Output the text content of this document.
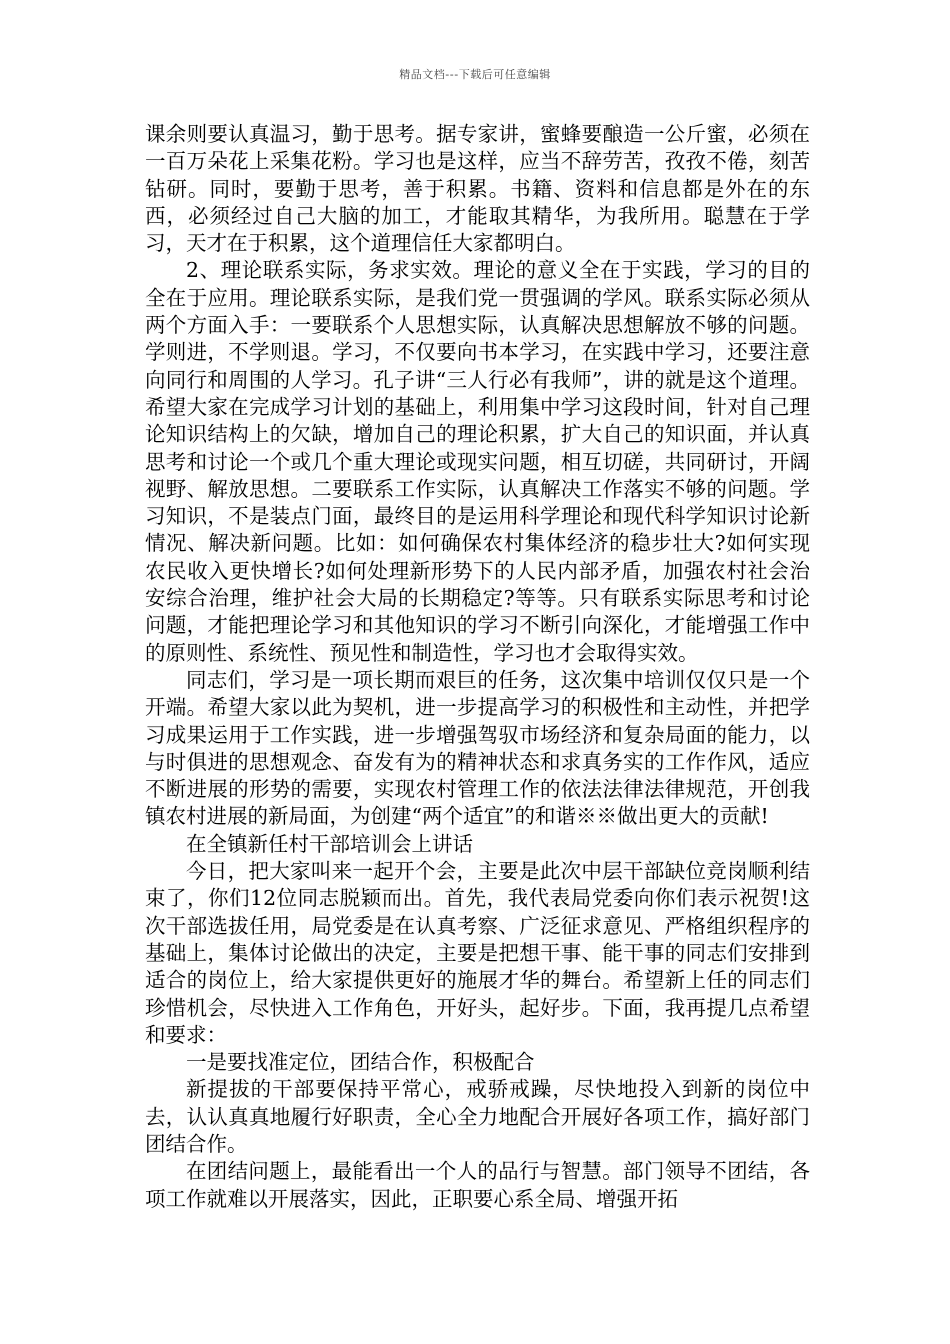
精品文档---下载后可任意编辑

课余则要认真温习，勤于思考。据专家讲，蜜蜂要酿造一公斤蜜，必须在一百万朵花上采集花粉。学习也是这样，应当不辞劳苦，孜孜不倦，刻苦钻研。同时，要勤于思考，善于积累。书籍、资料和信息都是外在的东西，必须经过自己大脑的加工，才能取其精华，为我所用。聪慧在于学习，天才在于积累，这个道理信任大家都明白。

2、理论联系实际，务求实效。理论的意义全在于实践，学习的目的全在于应用。理论联系实际，是我们党一贯强调的学风。联系实际必须从两个方面入手：一要联系个人思想实际，认真解决思想解放不够的问题。学则进，不学则退。学习，不仅要向书本学习，在实践中学习，还要注意向同行和周围的人学习。孔子讲“三人行必有我师”，讲的就是这个道理。希望大家在完成学习计划的基础上，利用集中学习这段时间，针对自己理论知识结构上的欠缺，增加自己的理论积累，扩大自己的知识面，并认真思考和讨论一个或几个重大理论或现实问题，相互切磋，共同研讨，开阔视野、解放思想。二要联系工作实际，认真解决工作落实不够的问题。学习知识，不是装点门面，最终目的是运用科学理论和现代科学知识讨论新情况、解决新问题。比如：如何确保农村集体经济的稳步壮大?如何实现农民收入更快增长?如何处理新形势下的人民内部矛盾，加强农村社会治安综合治理，维护社会大局的长期稳定?等等。只有联系实际思考和讨论问题，才能把理论学习和其他知识的学习不断引向深化，才能增强工作中的原则性、系统性、预见性和制造性，学习也才会取得实效。

同志们，学习是一项长期而艰巨的任务，这次集中培训仅仅只是一个开端。希望大家以此为契机，进一步提高学习的积极性和主动性，并把学习成果运用于工作实践，进一步增强驾驭市场经济和复杂局面的能力，以与时俱进的思想观念、奋发有为的精神状态和求真务实的工作作风，适应不断进展的形势的需要，实现农村管理工作的依法法律法律规范，开创我镇农村进展的新局面，为创建“两个适宜”的和谐※※做出更大的贡献!

在全镇新任村干部培训会上讲话

今日，把大家叫来一起开个会，主要是此次中层干部缺位竞岗顺利结束了，你们12位同志脱颖而出。首先，我代表局党委向你们表示祝贺!这次干部选拔任用，局党委是在认真考察、广泛征求意见、严格组织程序的基础上，集体讨论做出的决定，主要是把想干事、能干事的同志们安排到适合的岗位上，给大家提供更好的施展才华的舞台。希望新上任的同志们珍惜机会，尽快进入工作角色，开好头，起好步。下面，我再提几点希望和要求：

一是要找准定位，团结合作，积极配合

新提拔的干部要保持平常心，戒骄戒躁，尽快地投入到新的岗位中去，认认真真地履行好职责，全心全力地配合开展好各项工作，搞好部门团结合作。

在团结问题上，最能看出一个人的品行与智慧。部门领导不团结，各项工作就难以开展落实，因此，正职要心系全局、增强开拓
